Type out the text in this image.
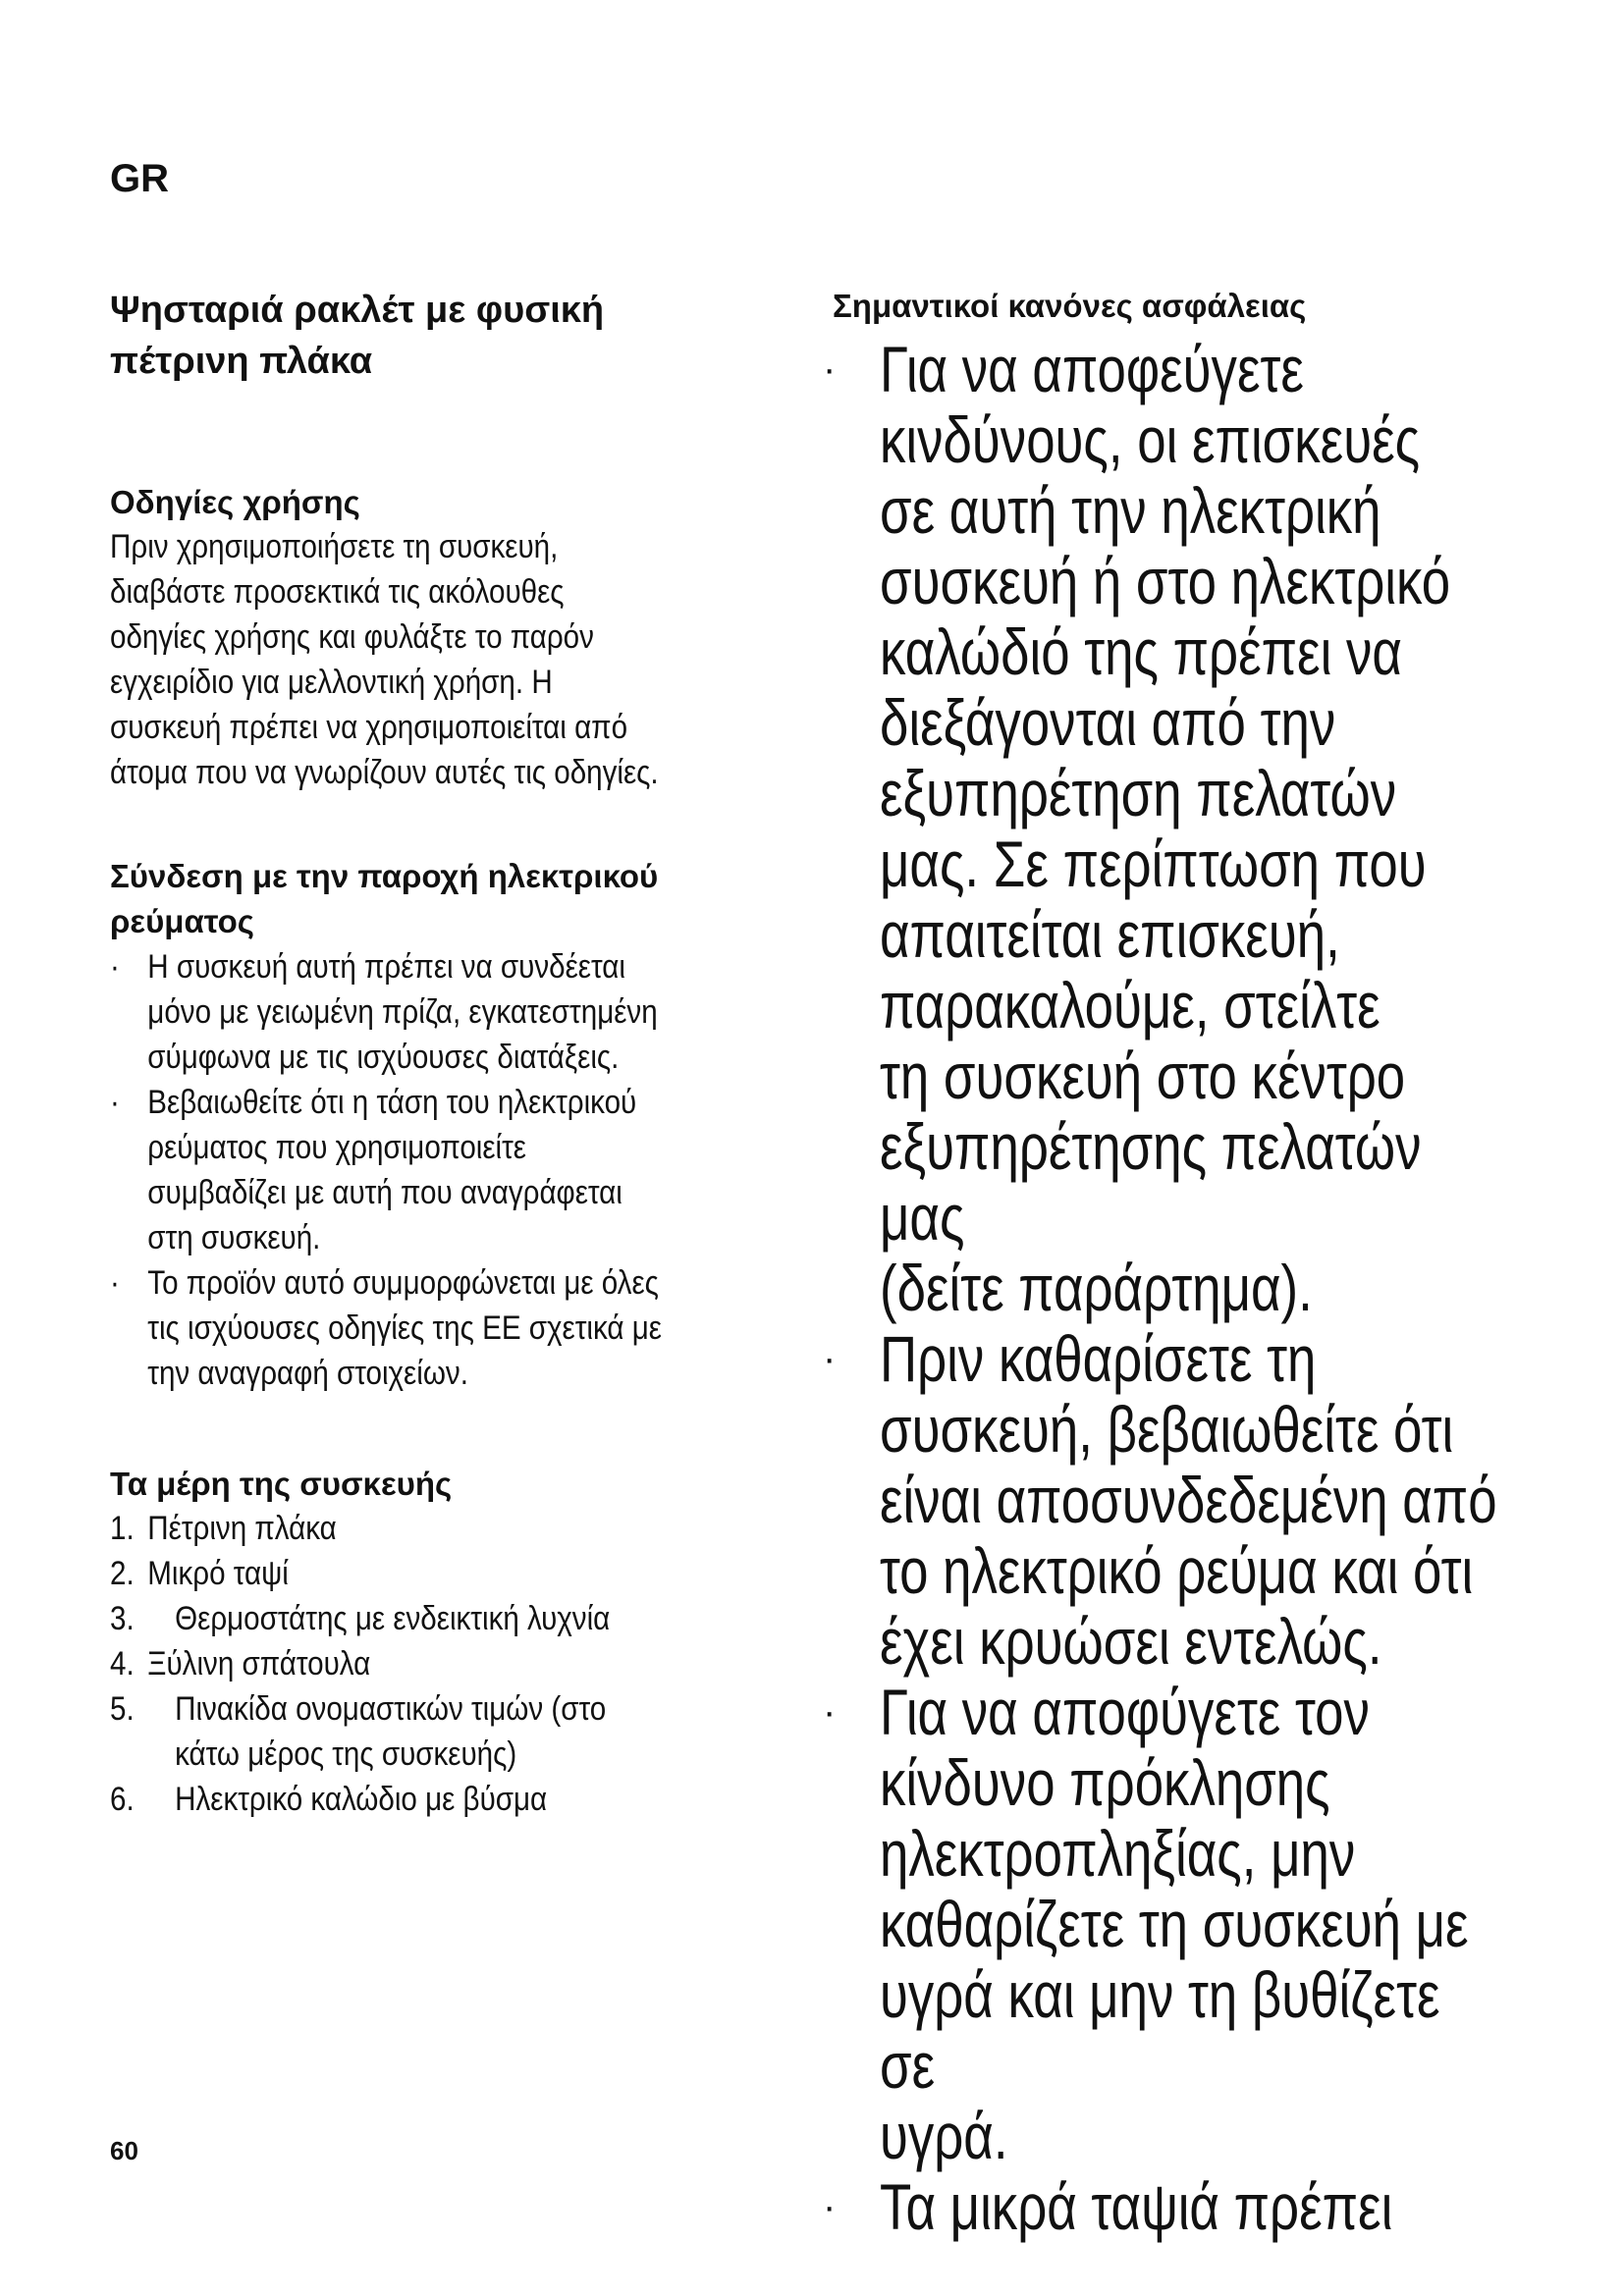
GR
Ψησταριά ρακλέτ με φυσική
πέτρινη πλάκα
Οδηγίες χρήσης
Πριν χρησιμοποιήσετε τη συσκευή,
διαβάστε προσεκτικά τις ακόλουθες
οδηγίες χρήσης και φυλάξτε το παρόν
εγχειρίδιο για μελλοντική χρήση. Η
συσκευή πρέπει να χρησιμοποιείται από
άτομα που να γνωρίζουν αυτές τις οδηγίες.
Σύνδεση με την παροχή ηλεκτρικού
ρεύματος
· Η συσκευή αυτή πρέπει να συνδέεται
μόνο με γειωμένη πρίζα, εγκατεστημένη
σύμφωνα με τις ισχύουσες διατάξεις.
· Βεβαιωθείτε ότι η τάση του ηλεκτρικού
ρεύματος που χρησιμοποιείτε
συμβαδίζει με αυτή που αναγράφεται
στη συσκευή.
· Το προϊόν αυτό συμμορφώνεται με όλες
τις ισχύουσες οδηγίες της ΕΕ σχετικά με
την αναγραφή στοιχείων.
Τα μέρη της συσκευής
1. Πέτρινη πλάκα
2. Μικρό ταψί
3. Θερμοστάτης με ενδεικτική λυχνία
4. Ξύλινη σπάτουλα
5. Πινακίδα ονομαστικών τιμών (στο
κάτω μέρος της συσκευής)
6. Ηλεκτρικό καλώδιο με βύσμα
Σημαντικοί κανόνες ασφάλειας
· Για να αποφεύγετε
κινδύνους, οι επισκευές
σε αυτή την ηλεκτρική
συσκευή ή στο ηλεκτρικό
καλώδιό της πρέπει να
διεξάγονται από την
εξυπηρέτηση πελατών
μας. Σε περίπτωση που
απαιτείται επισκευή,
παρακαλούμε, στείλτε
τη συσκευή στο κέντρο
εξυπηρέτησης πελατών μας
(δείτε παράρτημα).
· Πριν καθαρίσετε τη
συσκευή, βεβαιωθείτε ότι
είναι αποσυνδεδεμένη από
το ηλεκτρικό ρεύμα και ότι
έχει κρυώσει εντελώς.
· Για να αποφύγετε τον
κίνδυνο πρόκλησης
ηλεκτροπληξίας, μην
καθαρίζετε τη συσκευή με
υγρά και μην τη βυθίζετε σε
υγρά.
· Τα μικρά ταψιά πρέπει
60
